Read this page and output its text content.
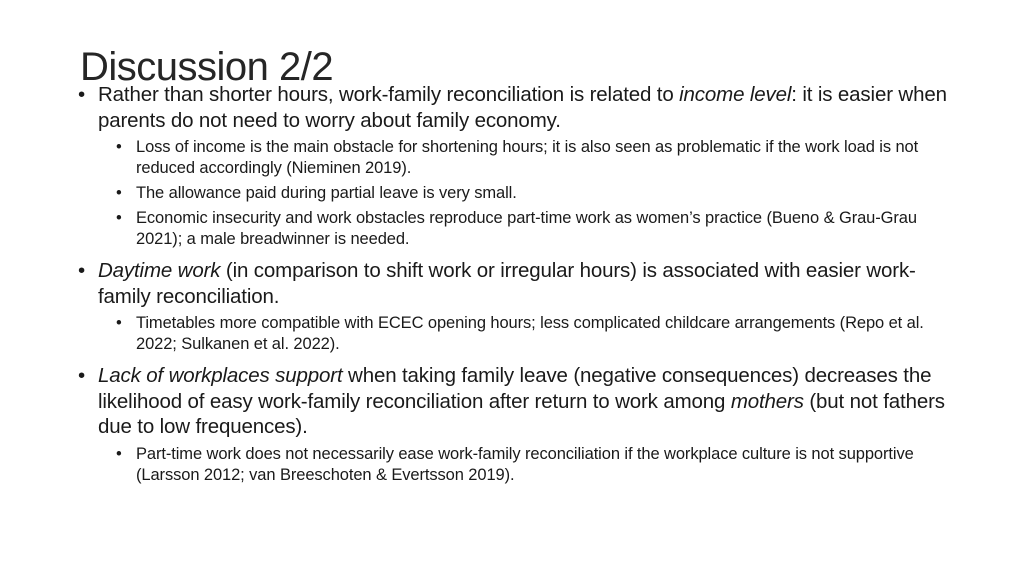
Discussion 2/2
• Rather than shorter hours, work-family reconciliation is related to income level: it is easier when parents do not need to worry about family economy.
• Loss of income is the main obstacle for shortening hours; it is also seen as problematic if the work load is not reduced accordingly (Nieminen 2019).
• The allowance paid during partial leave is very small.
• Economic insecurity and work obstacles reproduce part-time work as women’s practice (Bueno & Grau-Grau 2021); a male breadwinner is needed.
• Daytime work (in comparison to shift work or irregular hours) is associated with easier work-family reconciliation.
• Timetables more compatible with ECEC opening hours; less complicated childcare arrangements (Repo et al. 2022; Sulkanen et al. 2022).
• Lack of workplaces support when taking family leave (negative consequences) decreases the likelihood of easy work-family reconciliation after return to work among mothers (but not fathers due to low frequences).
• Part-time work does not necessarily ease work-family reconciliation if the workplace culture is not supportive (Larsson 2012; van Breeschoten & Evertsson 2019).
